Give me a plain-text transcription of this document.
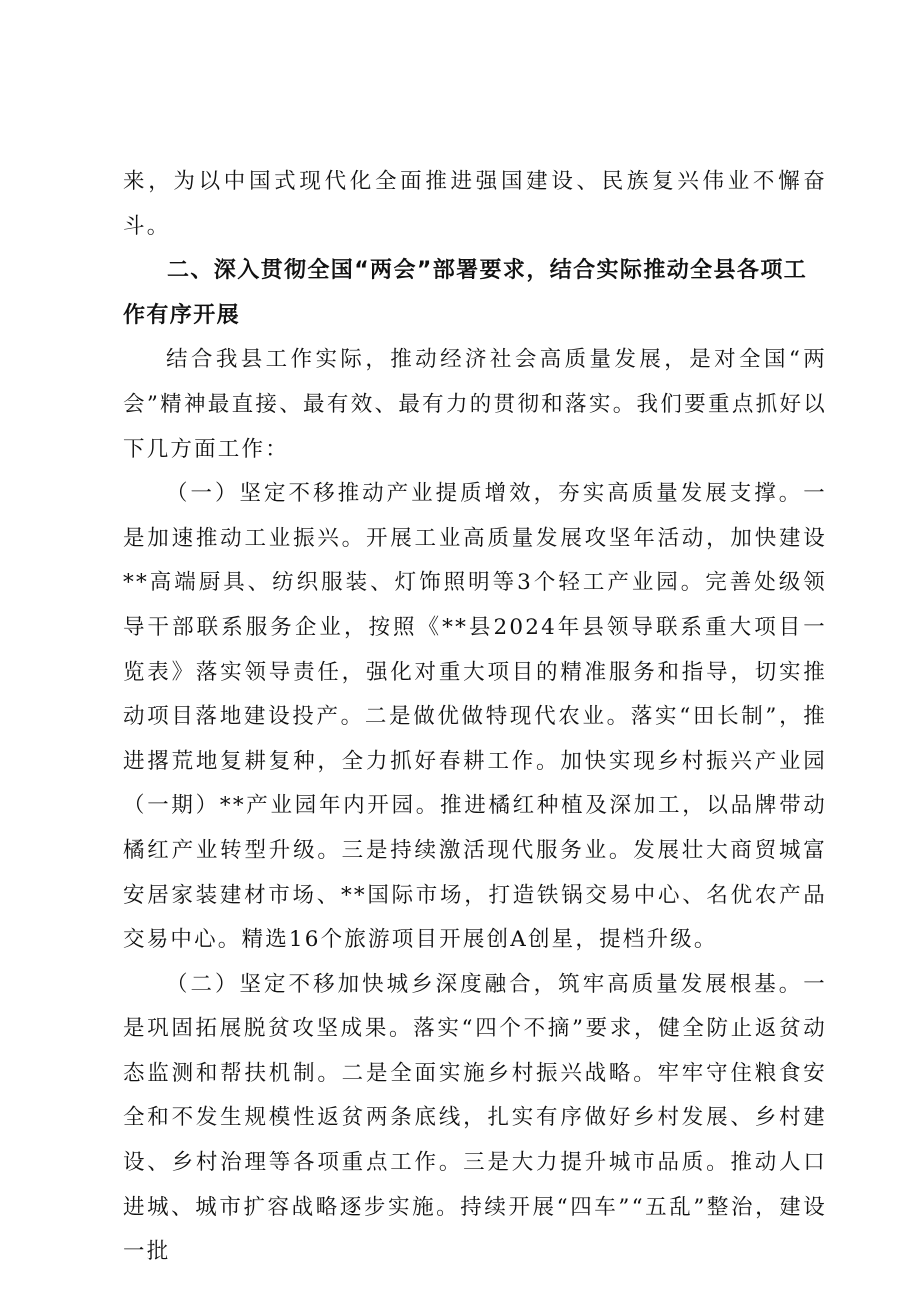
来，为以中国式现代化全面推进强国建设、民族复兴伟业不懈奋斗。

二、深入贯彻全国“两会”部署要求，结合实际推动全县各项工
作有序开展

结合我县工作实际，推动经济社会高质量发展，是对全国“两会”精神最直接、最有效、最有力的贯彻和落实。我们要重点抓好以下几方面工作：

（一）坚定不移推动产业提质增效，夯实高质量发展支撑。一是加速推动工业振兴。开展工业高质量发展攻坚年活动，加快建设**高端厨具、纺织服装、灯饰照明等3个轻工产业园。完善处级领导干部联系服务企业，按照《**县2024年县领导联系重大项目一览表》落实领导责任，强化对重大项目的精准服务和指导，切实推动项目落地建设投产。二是做优做特现代农业。落实“田长制”，推进撂荒地复耕复种，全力抓好春耕工作。加快实现乡村振兴产业园（一期）**产业园年内开园。推进橘红种植及深加工，以品牌带动橘红产业转型升级。三是持续激活现代服务业。发展壮大商贸城富安居家装建材市场、**国际市场，打造铁锅交易中心、名优农产品交易中心。精选16个旅游项目开展创A创星，提档升级。

（二）坚定不移加快城乡深度融合，筑牢高质量发展根基。一是巩固拓展脱贫攻坚成果。落实“四个不摘”要求，健全防止返贫动态监测和帮扶机制。二是全面实施乡村振兴战略。牢牢守住粮食安全和不发生规模性返贫两条底线，扎实有序做好乡村发展、乡村建设、乡村治理等各项重点工作。三是大力提升城市品质。推动人口进城、城市扩容战略逐步实施。持续开展“四车”“五乱”整治，建设一批
